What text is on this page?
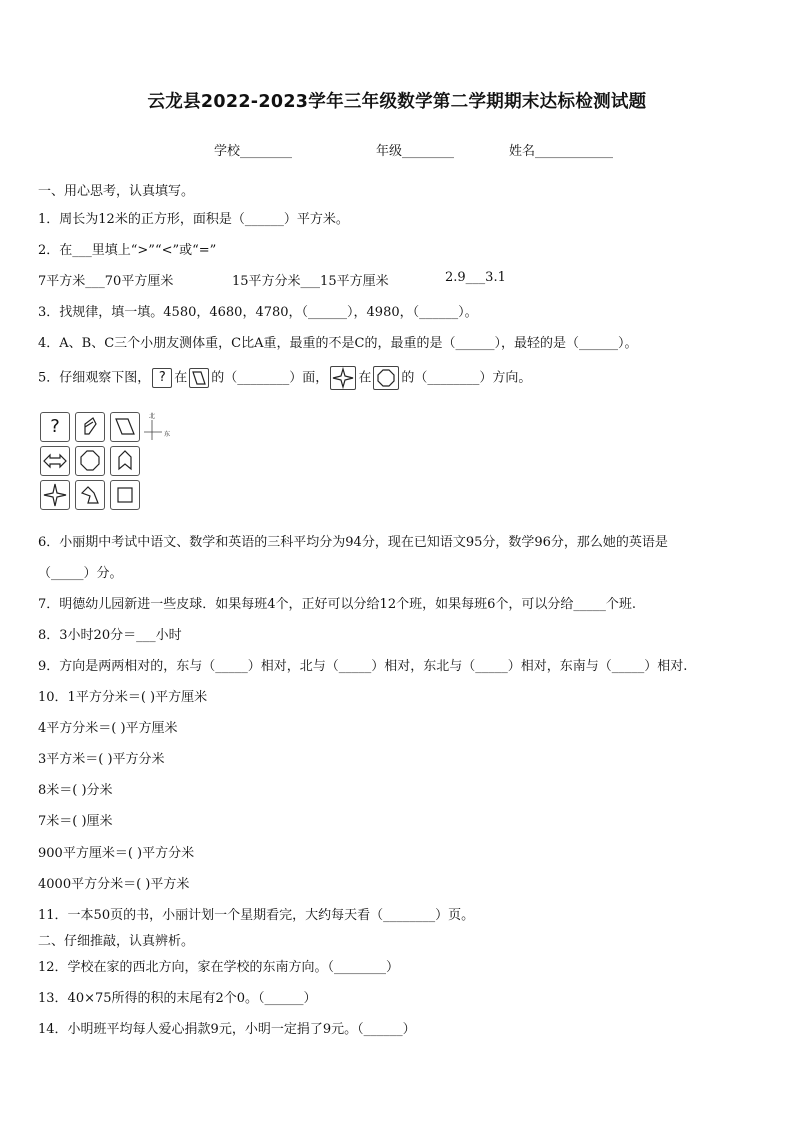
云龙县2022-2023学年三年级数学第二学期期末达标检测试题
学校________	年级________	姓名____________
一、用心思考，认真填写。
1．周长为12米的正方形，面积是（______）平方米。
2．在___里填上“>”“<”或“=”
7平方米___70平方厘米	15平方分米___15平方厘米	2.9___3.1
3．找规律，填一填。4580，4680，4780，（______），4980，（______）。
4．A、B、C三个小朋友测体重，C比A重，最重的不是C的，最重的是（______），最轻的是（______）。
5．仔细观察下图， ? 在 的（________）面， 在 的（________）方向。
?	北
东
6．小丽期中考试中语文、数学和英语的三科平均分为94分，现在已知语文95分，数学96分，那么她的英语是
（_____）分。
7．明德幼儿园新进一些皮球．如果每班4个，正好可以分给12个班，如果每班6个，可以分给_____个班.
8．3小时20分＝___小时
9．方向是两两相对的，东与（_____）相对，北与（_____）相对，东北与（_____）相对，东南与（_____）相对.
10．1平方分米＝( )平方厘米
4平方分米＝( )平方厘米
3平方米＝( )平方分米
8米＝( )分米
7米＝( )厘米
900平方厘米＝( )平方分米
4000平方分米＝( )平方米
11．一本50页的书，小丽计划一个星期看完，大约每天看（________）页。
二、仔细推敲，认真辨析。
12．学校在家的西北方向，家在学校的东南方向。（________）
13．40×75所得的积的末尾有2个0。（______）
14．小明班平均每人爱心捐款9元，小明一定捐了9元。（______）
